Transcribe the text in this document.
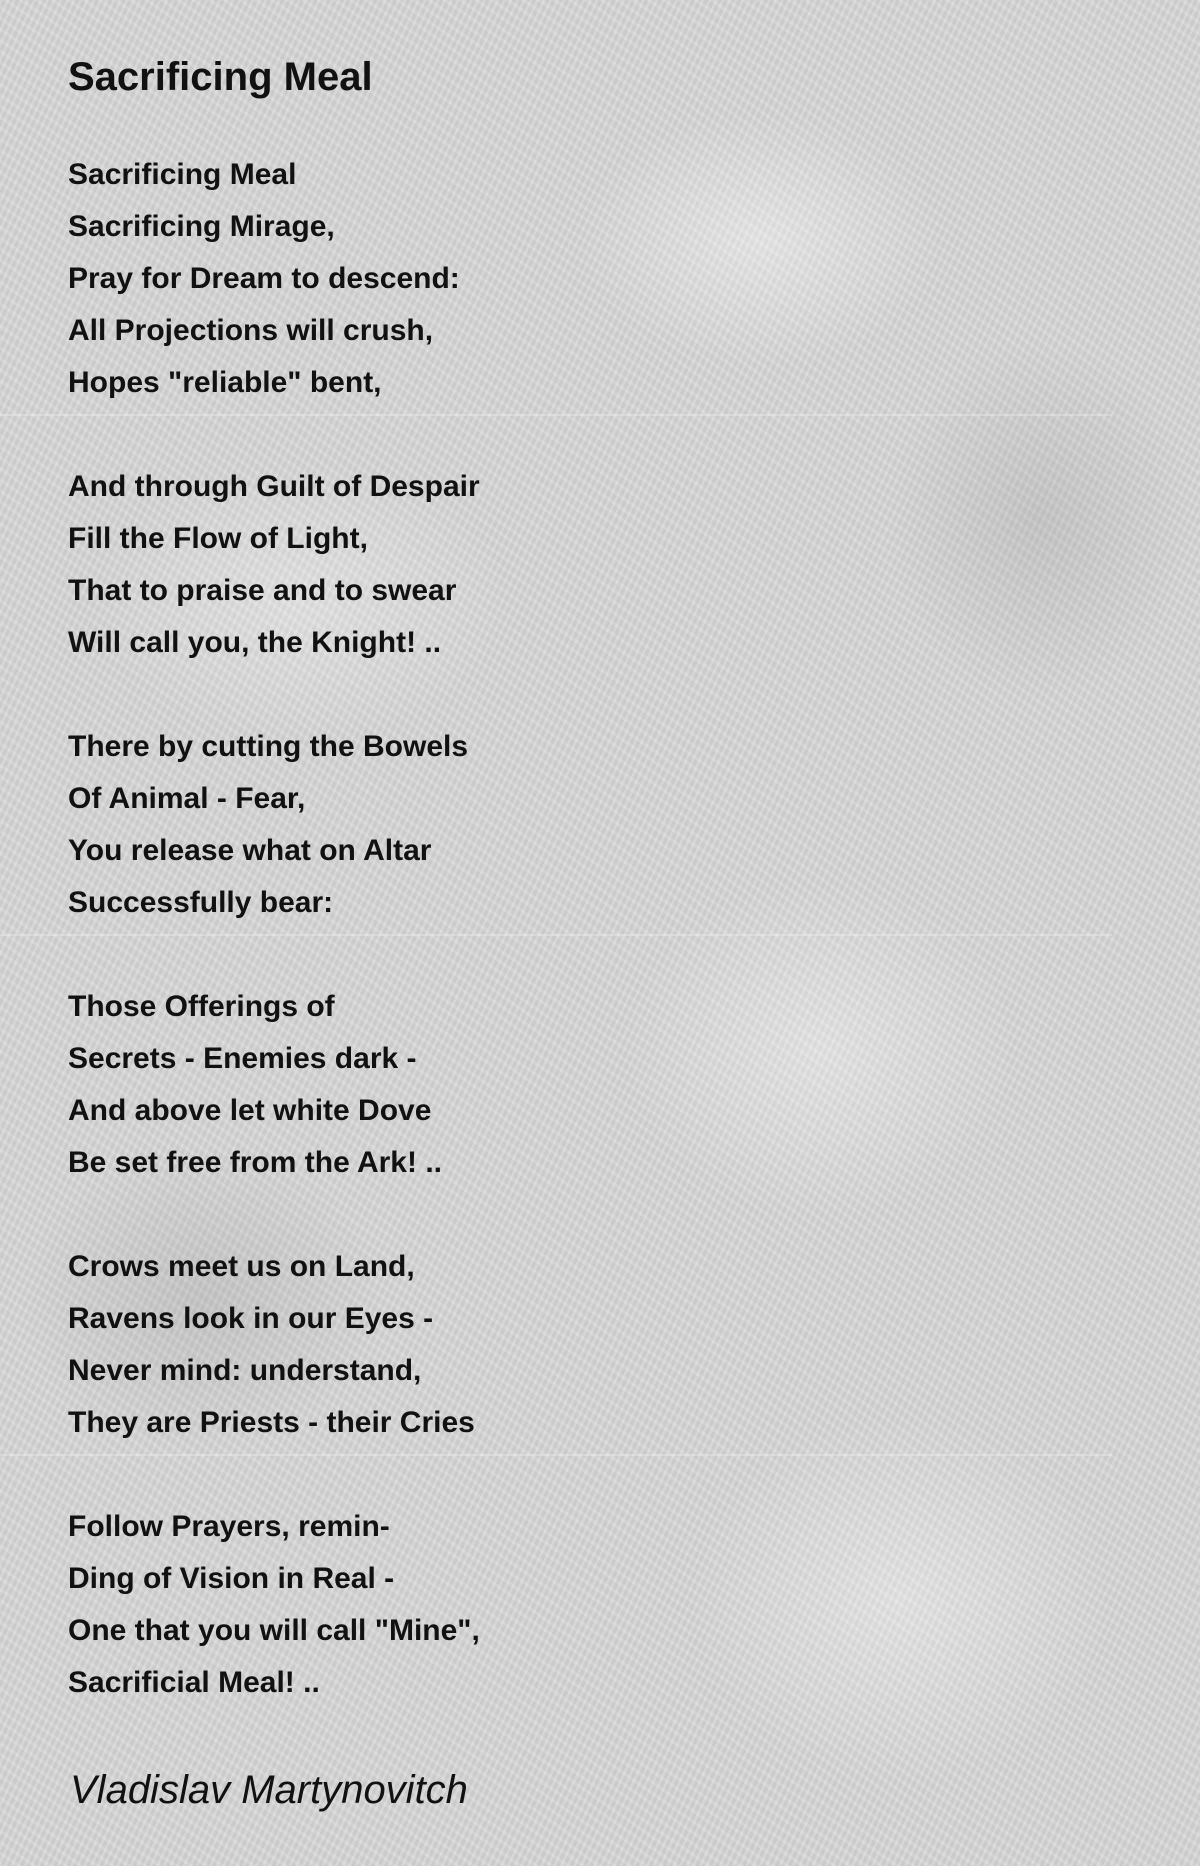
Sacrificing Meal
Sacrificing Meal
Sacrificing Mirage,
Pray for Dream to descend:
All Projections will crush,
Hopes "reliable" bent,
And through Guilt of Despair
Fill the Flow of Light,
That to praise and to swear
Will call you, the Knight! ..
There by cutting the Bowels
Of Animal - Fear,
You release what on Altar
Successfully bear:
Those Offerings of
Secrets - Enemies dark -
And above let white Dove
Be set free from the Ark! ..
Crows meet us on Land,
Ravens look in our Eyes -
Never mind: understand,
They are Priests - their Cries
Follow Prayers, remin-
Ding of Vision in Real -
One that you will call "Mine",
Sacrificial Meal! ..
Vladislav Martynovitch
